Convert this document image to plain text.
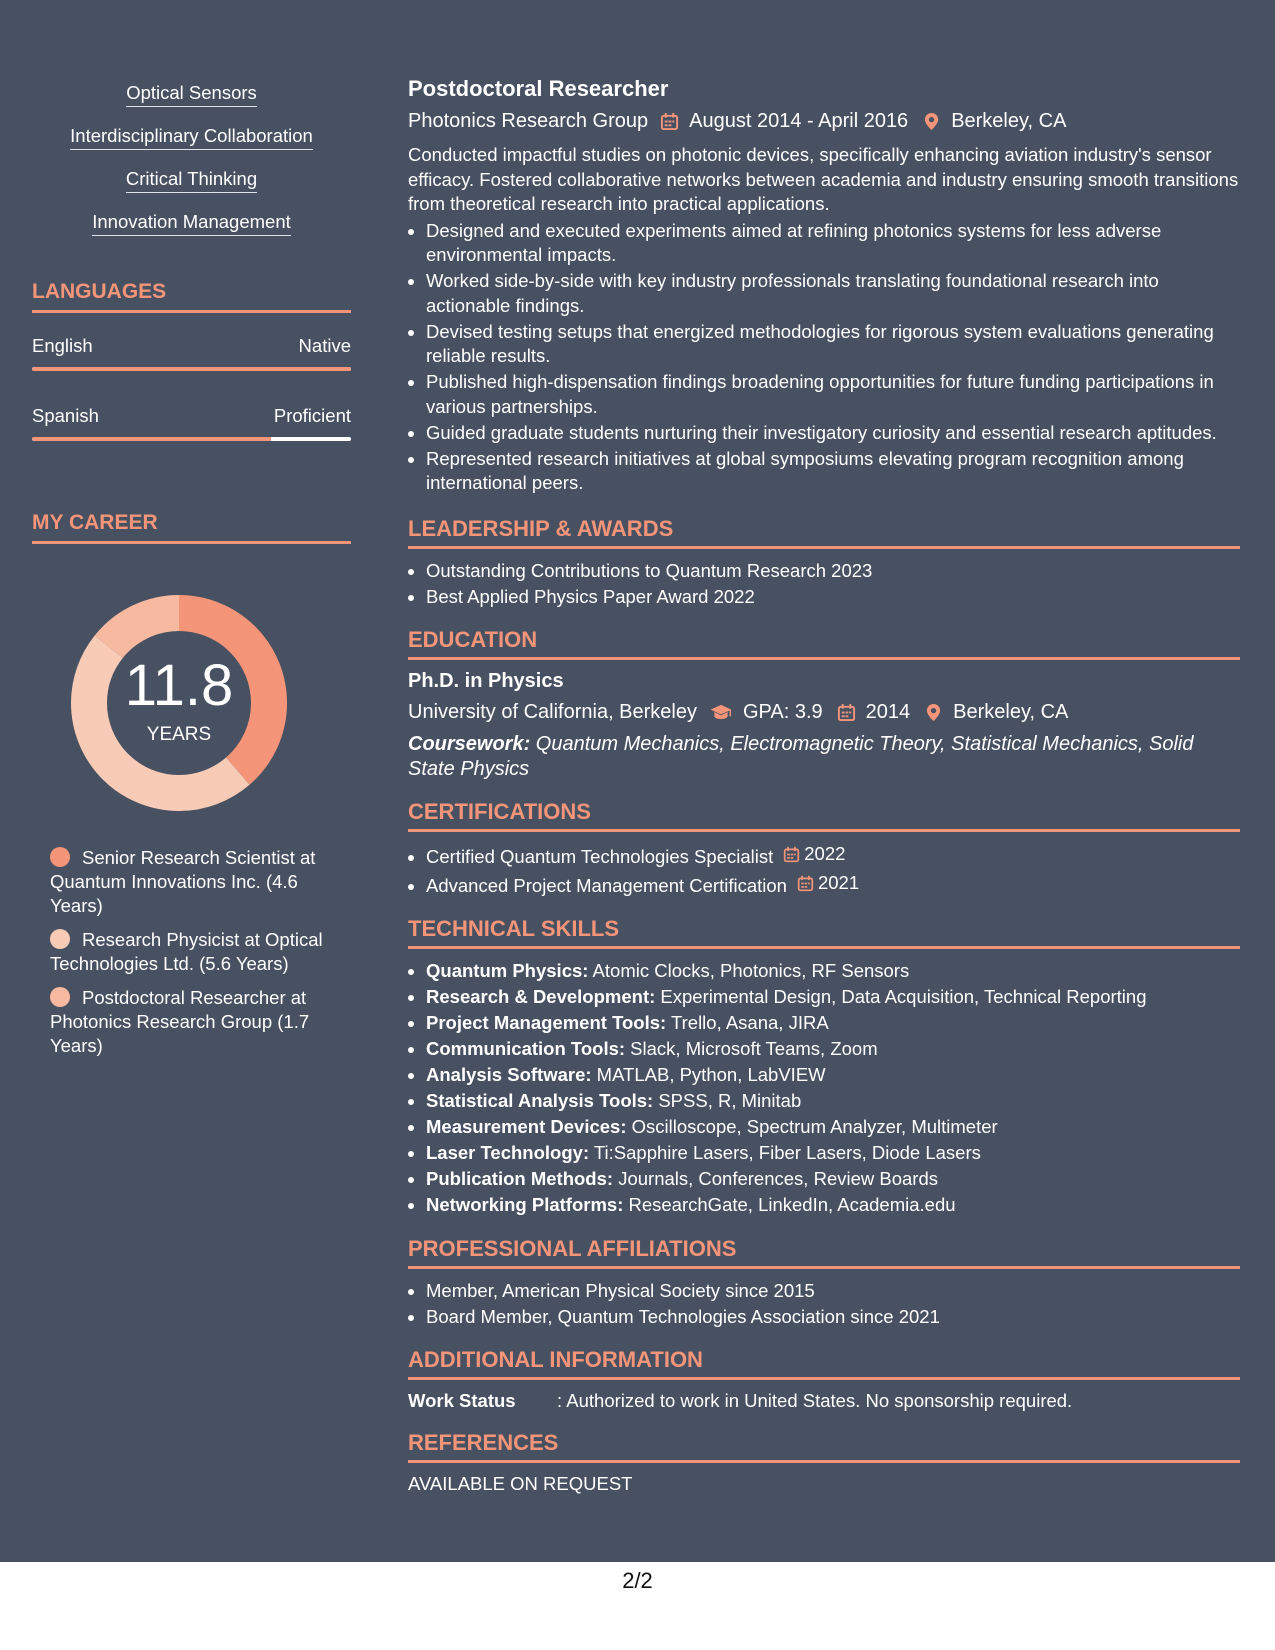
Optical Sensors
Interdisciplinary Collaboration
Critical Thinking
Innovation Management
LANGUAGES
English	Native
Spanish	Proficient
MY CAREER
11.8
YEARS
Senior Research Scientist at Quantum Innovations Inc. (4.6 Years)
Research Physicist at Optical Technologies Ltd. (5.6 Years)
Postdoctoral Researcher at Photonics Research Group (1.7 Years)
Postdoctoral Researcher
Photonics Research Group August 2014 - April 2016 Berkeley, CA

Conducted impactful studies on photonic devices, specifically enhancing aviation industry's sensor efficacy. Fostered collaborative networks between academia and industry ensuring smooth transitions from theoretical research into practical applications.

• Designed and executed experiments aimed at refining photonics systems for less adverse environmental impacts.
• Worked side-by-side with key industry professionals translating foundational research into actionable findings.
• Devised testing setups that energized methodologies for rigorous system evaluations generating reliable results.
• Published high-dispensation findings broadening opportunities for future funding participations in various partnerships.
• Guided graduate students nurturing their investigatory curiosity and essential research aptitudes.
• Represented research initiatives at global symposiums elevating program recognition among international peers.
LEADERSHIP & AWARDS
• Outstanding Contributions to Quantum Research 2023
• Best Applied Physics Paper Award 2022
EDUCATION
Ph.D. in Physics
University of California, Berkeley GPA: 3.9 2014 Berkeley, CA
Coursework: Quantum Mechanics, Electromagnetic Theory, Statistical Mechanics, Solid State Physics
CERTIFICATIONS
• Certified Quantum Technologies Specialist 2022
• Advanced Project Management Certification 2021
TECHNICAL SKILLS
• Quantum Physics: Atomic Clocks, Photonics, RF Sensors
• Research & Development: Experimental Design, Data Acquisition, Technical Reporting
• Project Management Tools: Trello, Asana, JIRA
• Communication Tools: Slack, Microsoft Teams, Zoom
• Analysis Software: MATLAB, Python, LabVIEW
• Statistical Analysis Tools: SPSS, R, Minitab
• Measurement Devices: Oscilloscope, Spectrum Analyzer, Multimeter
• Laser Technology: Ti:Sapphire Lasers, Fiber Lasers, Diode Lasers
• Publication Methods: Journals, Conferences, Review Boards
• Networking Platforms: ResearchGate, LinkedIn, Academia.edu
PROFESSIONAL AFFILIATIONS
• Member, American Physical Society since 2015
• Board Member, Quantum Technologies Association since 2021
ADDITIONAL INFORMATION
Work Status	: Authorized to work in United States. No sponsorship required.
REFERENCES
AVAILABLE ON REQUEST
2/2
